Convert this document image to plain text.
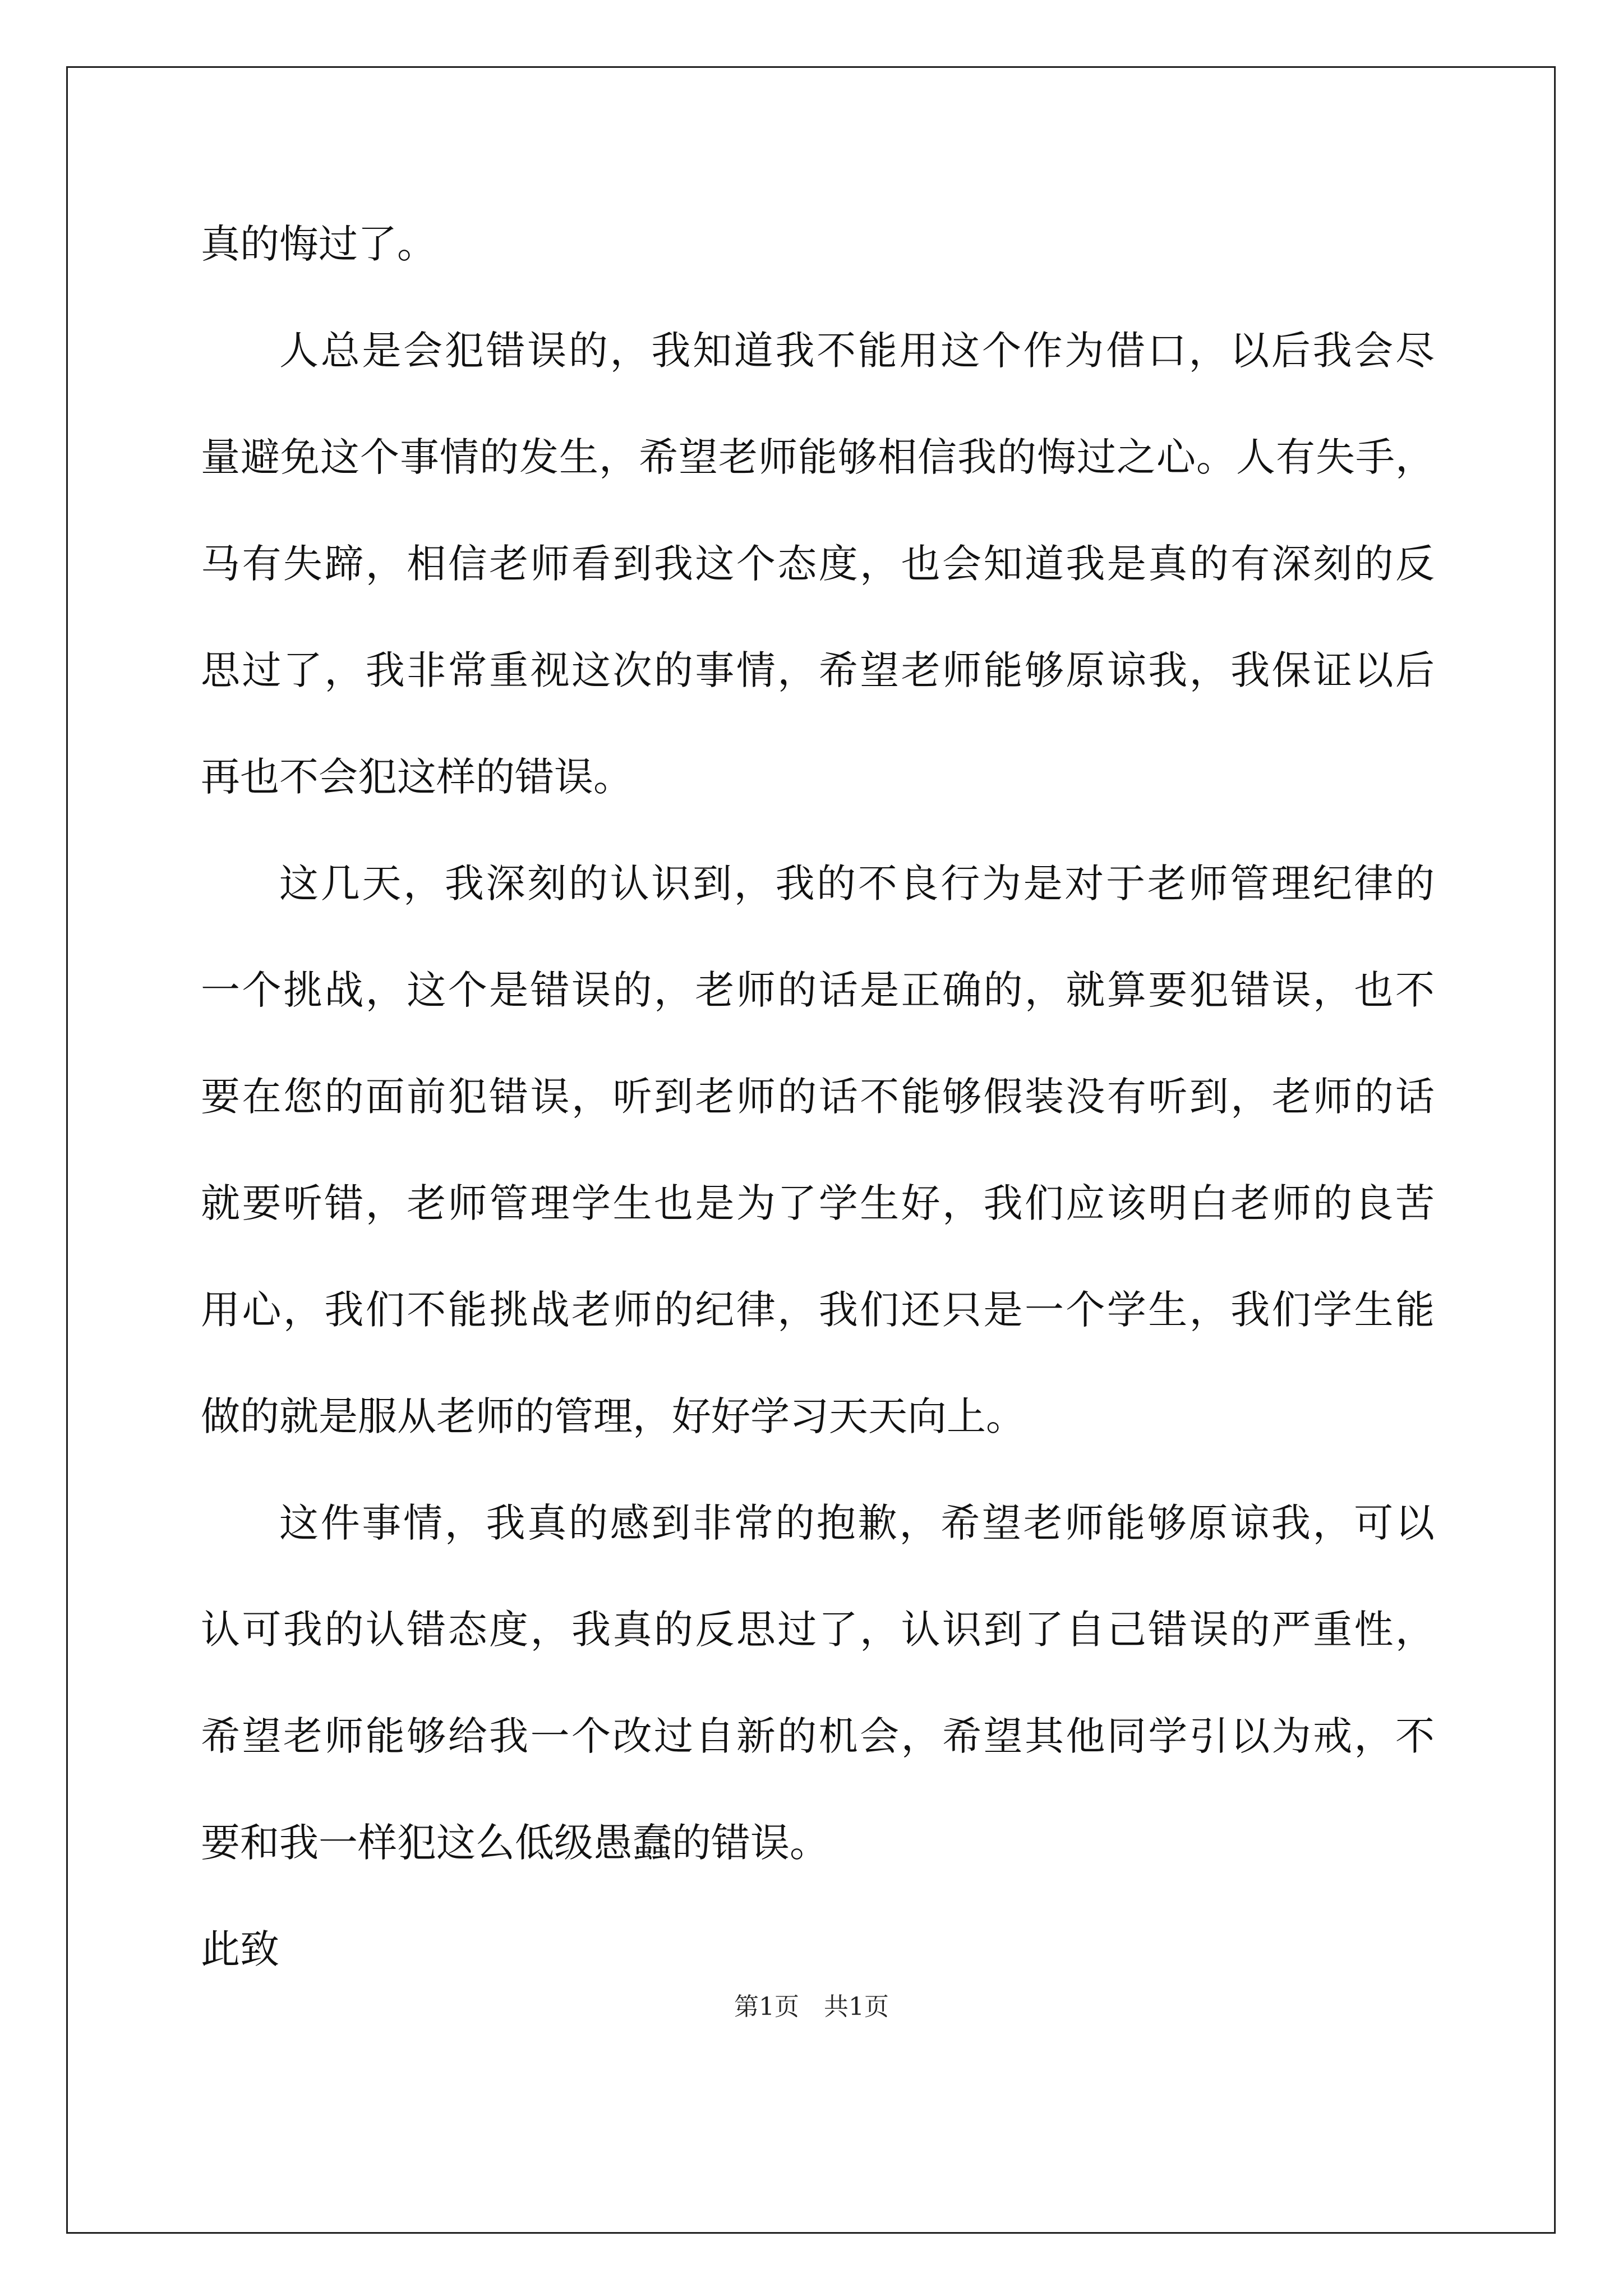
真的悔过了。
人总是会犯错误的，我知道我不能用这个作为借口，以后我会尽
量避免这个事情的发生，希望老师能够相信我的悔过之心。人有失手，
马有失蹄，相信老师看到我这个态度，也会知道我是真的有深刻的反
思过了，我非常重视这次的事情，希望老师能够原谅我，我保证以后
再也不会犯这样的错误。
这几天，我深刻的认识到，我的不良行为是对于老师管理纪律的
一个挑战，这个是错误的，老师的话是正确的，就算要犯错误，也不
要在您的面前犯错误，听到老师的话不能够假装没有听到，老师的话
就要听错，老师管理学生也是为了学生好，我们应该明白老师的良苦
用心，我们不能挑战老师的纪律，我们还只是一个学生，我们学生能
做的就是服从老师的管理，好好学习天天向上。
这件事情，我真的感到非常的抱歉，希望老师能够原谅我，可以
认可我的认错态度，我真的反思过了，认识到了自己错误的严重性，
希望老师能够给我一个改过自新的机会，希望其他同学引以为戒，不
要和我一样犯这么低级愚蠢的错误。
此致
第1页　共1页
